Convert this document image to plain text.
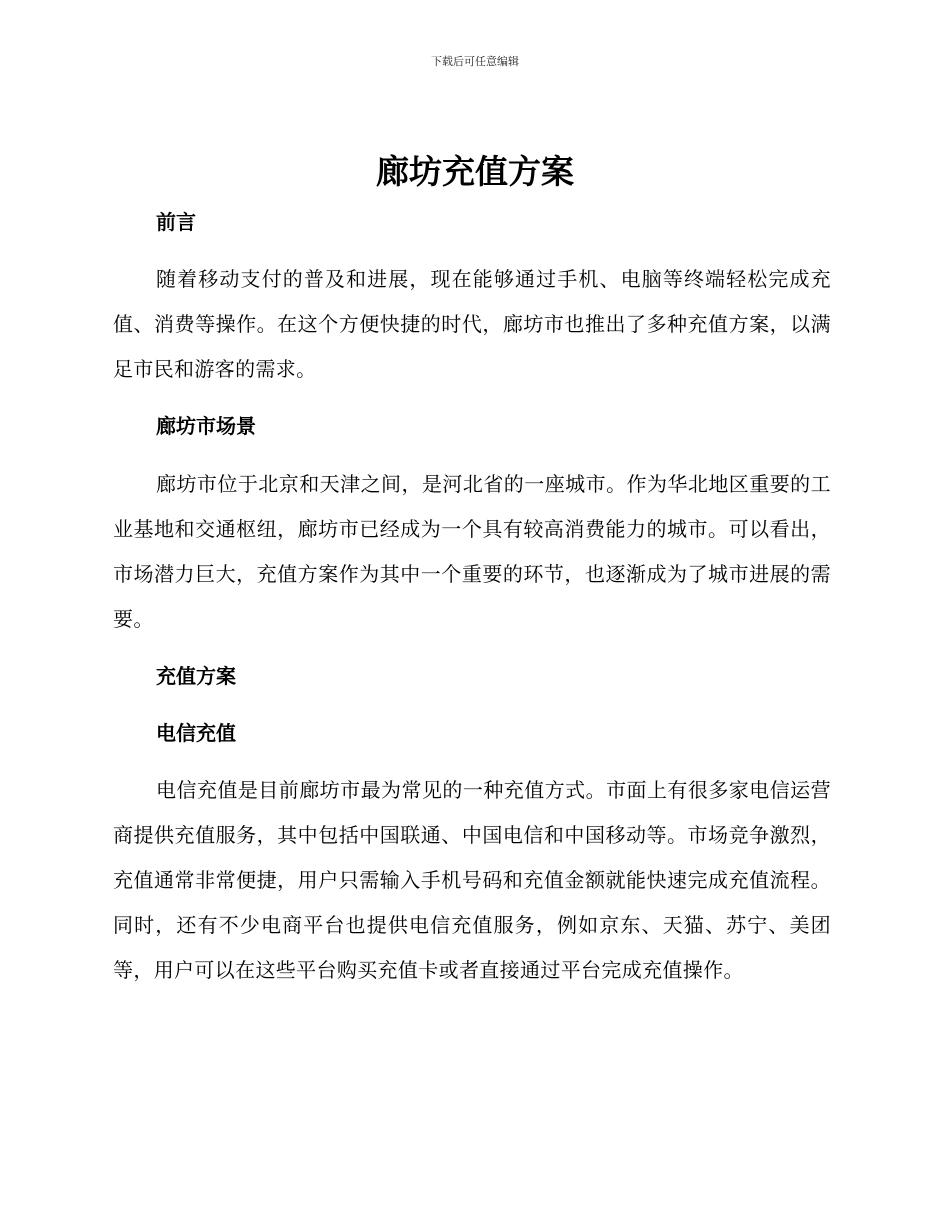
下载后可任意编辑
廊坊充值方案
前言

随着移动支付的普及和进展，现在能够通过手机、电脑等终端轻松完成充值、消费等操作。在这个方便快捷的时代，廊坊市也推出了多种充值方案，以满足市民和游客的需求。

廊坊市场景

廊坊市位于北京和天津之间，是河北省的一座城市。作为华北地区重要的工业基地和交通枢纽，廊坊市已经成为一个具有较高消费能力的城市。可以看出，市场潜力巨大，充值方案作为其中一个重要的环节，也逐渐成为了城市进展的需要。

充值方案
电信充值

电信充值是目前廊坊市最为常见的一种充值方式。市面上有很多家电信运营商提供充值服务，其中包括中国联通、中国电信和中国移动等。市场竞争激烈，充值通常非常便捷，用户只需输入手机号码和充值金额就能快速完成充值流程。同时，还有不少电商平台也提供电信充值服务，例如京东、天猫、苏宁、美团等，用户可以在这些平台购买充值卡或者直接通过平台完成充值操作。
